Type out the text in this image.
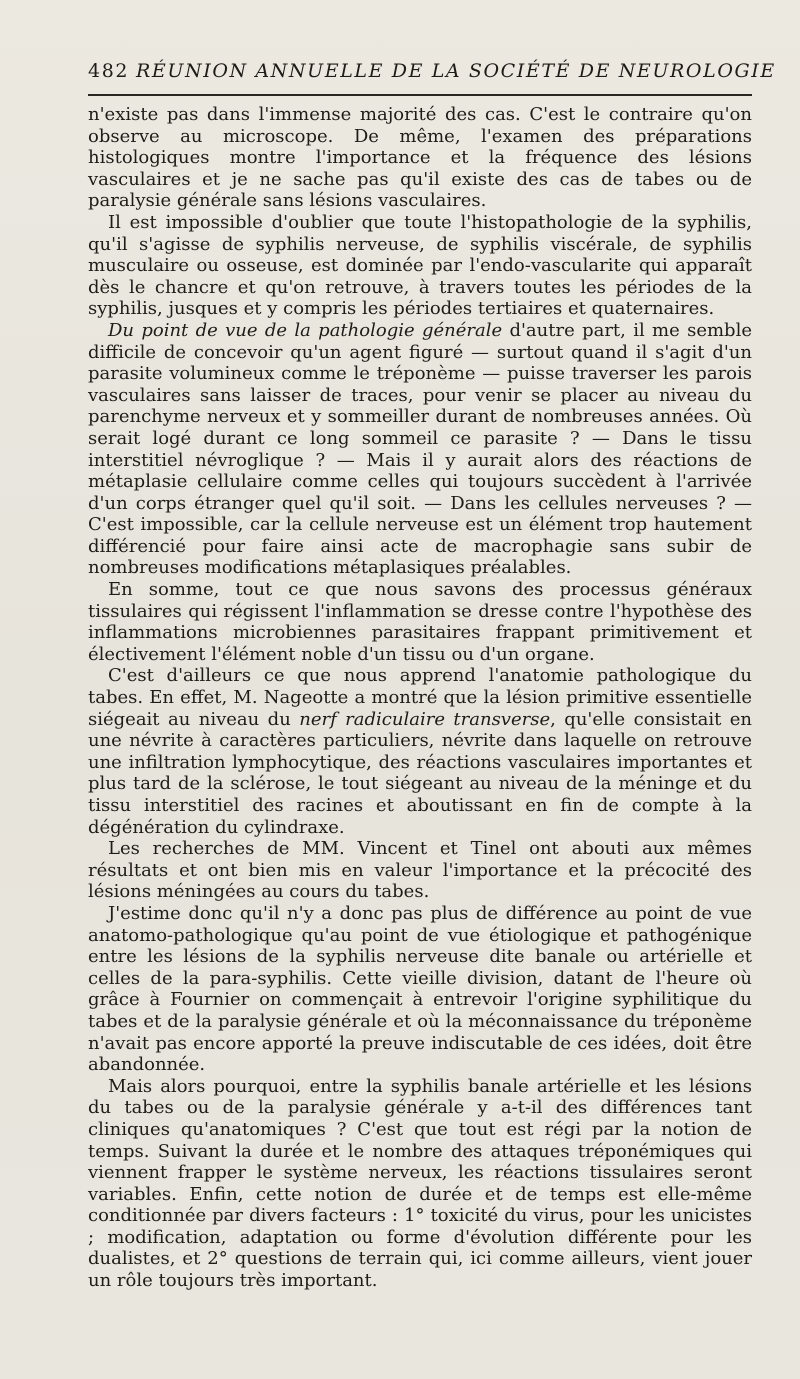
482 RÉUNION ANNUELLE DE LA SOCIÉTÉ DE NEUROLOGIE

n'existe pas dans l'immense majorité des cas. C'est le contraire qu'on observe au microscope. De même, l'examen des préparations histologiques montre l'importance et la fréquence des lésions vasculaires et je ne sache pas qu'il existe des cas de tabes ou de paralysie générale sans lésions vasculaires.

Il est impossible d'oublier que toute l'histopathologie de la syphilis, qu'il s'agisse de syphilis nerveuse, de syphilis viscérale, de syphilis musculaire ou osseuse, est dominée par l'endo-vascularite qui apparaît dès le chancre et qu'on retrouve, à travers toutes les périodes de la syphilis, jusques et y compris les périodes tertiaires et quaternaires.

Du point de vue de la pathologie générale d'autre part, il me semble difficile de concevoir qu'un agent figuré — surtout quand il s'agit d'un parasite volumineux comme le tréponème — puisse traverser les parois vasculaires sans laisser de traces, pour venir se placer au niveau du parenchyme nerveux et y sommeiller durant de nombreuses années. Où serait logé durant ce long sommeil ce parasite ? — Dans le tissu interstitiel névroglique ? — Mais il y aurait alors des réactions de métaplasie cellulaire comme celles qui toujours succèdent à l'arrivée d'un corps étranger quel qu'il soit. — Dans les cellules nerveuses ? — C'est impossible, car la cellule nerveuse est un élément trop hautement différencié pour faire ainsi acte de macrophagie sans subir de nombreuses modifications métaplasiques préalables.

En somme, tout ce que nous savons des processus généraux tissulaires qui régissent l'inflammation se dresse contre l'hypothèse des inflammations microbiennes parasitaires frappant primitivement et électivement l'élément noble d'un tissu ou d'un organe.

C'est d'ailleurs ce que nous apprend l'anatomie pathologique du tabes. En effet, M. Nageotte a montré que la lésion primitive essentielle siégeait au niveau du nerf radiculaire transverse, qu'elle consistait en une névrite à caractères particuliers, névrite dans laquelle on retrouve une infiltration lymphocytique, des réactions vasculaires importantes et plus tard de la sclérose, le tout siégeant au niveau de la méninge et du tissu interstitiel des racines et aboutissant en fin de compte à la dégénération du cylindraxe.

Les recherches de MM. Vincent et Tinel ont abouti aux mêmes résultats et ont bien mis en valeur l'importance et la précocité des lésions méningées au cours du tabes.

J'estime donc qu'il n'y a donc pas plus de différence au point de vue anatomo-pathologique qu'au point de vue étiologique et pathogénique entre les lésions de la syphilis nerveuse dite banale ou artérielle et celles de la para-syphilis. Cette vieille division, datant de l'heure où grâce à Fournier on commençait à entrevoir l'origine syphilitique du tabes et de la paralysie générale et où la méconnaissance du tréponème n'avait pas encore apporté la preuve indiscutable de ces idées, doit être abandonnée.

Mais alors pourquoi, entre la syphilis banale artérielle et les lésions du tabes ou de la paralysie générale y a-t-il des différences tant cliniques qu'anatomiques ? C'est que tout est régi par la notion de temps. Suivant la durée et le nombre des attaques tréponémiques qui viennent frapper le système nerveux, les réactions tissulaires seront variables. Enfin, cette notion de durée et de temps est elle-même conditionnée par divers facteurs : 1° toxicité du virus, pour les unicistes ; modification, adaptation ou forme d'évolution différente pour les dualistes, et 2° questions de terrain qui, ici comme ailleurs, vient jouer un rôle toujours très important.
